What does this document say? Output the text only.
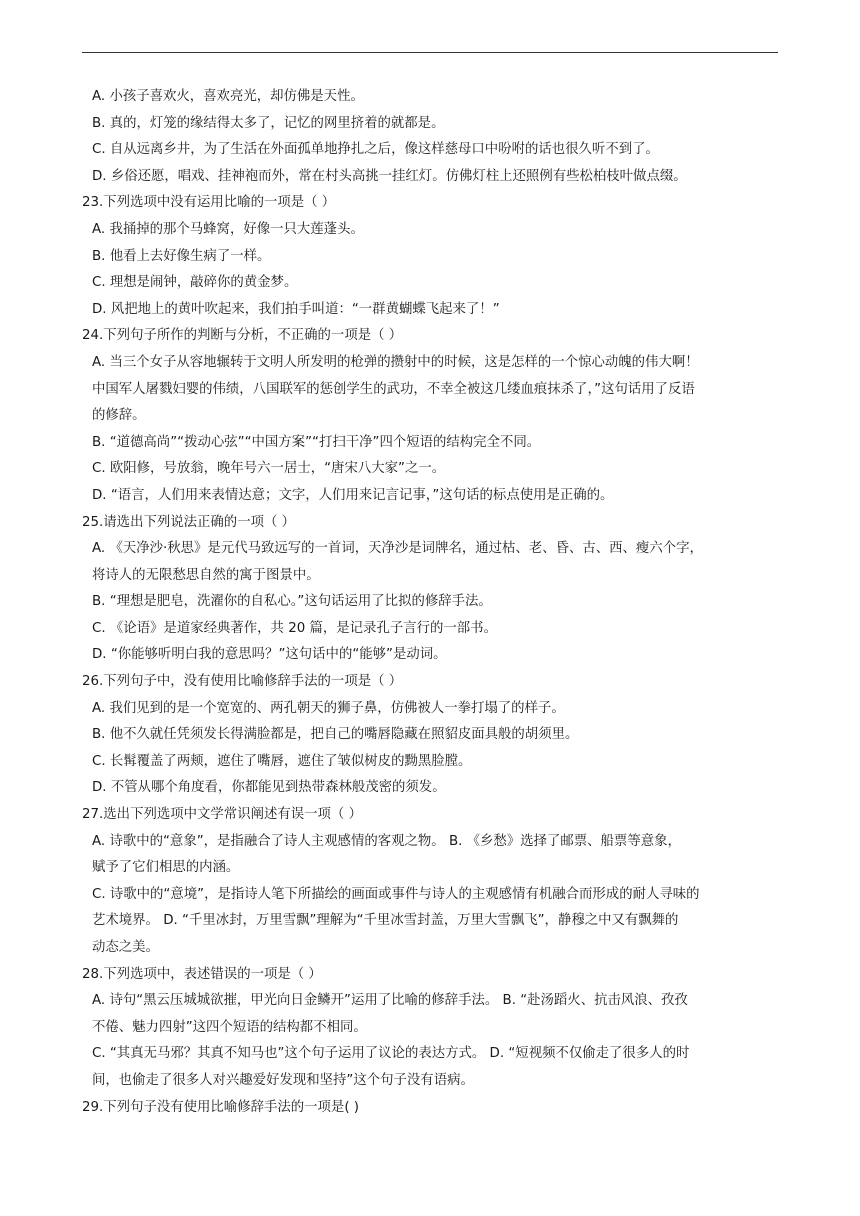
A. 小孩子喜欢火，喜欢亮光，却仿佛是天性。
B. 真的，灯笼的缘结得太多了，记忆的网里挤着的就都是。
C. 自从远离乡井，为了生活在外面孤单地挣扎之后，像这样慈母口中吩咐的话也很久听不到了。
D. 乡俗还愿，唱戏、挂神袍而外，常在村头高挑一挂红灯。仿佛灯柱上还照例有些松柏枝叶做点缀。
23.下列选项中没有运用比喻的一项是（ ）
A. 我捅掉的那个马蜂窝，好像一只大莲蓬头。
B. 他看上去好像生病了一样。
C. 理想是闹钟，敲碎你的黄金梦。
D. 风把地上的黄叶吹起来，我们拍手叫道：“一群黄蝴蝶飞起来了！”
24.下列句子所作的判断与分析，不正确的一项是（ ）
A. 当三个女子从容地辗转于文明人所发明的枪弹的攒射中的时候，这是怎样的一个惊心动魄的伟大啊！
中国军人屠戮妇婴的伟绩，八国联军的惩创学生的武功，不幸全被这几缕血痕抹杀了，”这句话用了反语
的修辞。
B. “道德高尚”“拨动心弦”“中国方案”“打扫干净”四个短语的结构完全不同。
C. 欧阳修，号放翁，晚年号六一居士，“唐宋八大家”之一。
D. “语言，人们用来表情达意；文字，人们用来记言记事，”这句话的标点使用是正确的。
25.请选出下列说法正确的一项（ ）
A. 《天净沙·秋思》是元代马致远写的一首词，天净沙是词牌名，通过枯、老、昏、古、西、瘦六个字，
将诗人的无限愁思自然的寓于图景中。
B. “理想是肥皂，洗濯你的自私心。”这句话运用了比拟的修辞手法。
C. 《论语》是道家经典著作，共 20 篇，是记录孔子言行的一部书。
D. “你能够听明白我的意思吗？”这句话中的“能够”是动词。
26.下列句子中，没有使用比喻修辞手法的一项是（ ）
A. 我们见到的是一个宽宽的、两孔朝天的狮子鼻，仿佛被人一拳打塌了的样子。
B. 他不久就任凭须发长得满脸都是，把自己的嘴唇隐藏在照貂皮面具般的胡须里。
C. 长髯覆盖了两颊，遮住了嘴唇，遮住了皱似树皮的黝黑脸膛。
D. 不管从哪个角度看，你都能见到热带森林般茂密的须发。
27.选出下列选项中文学常识阐述有误一项（ ）
A. 诗歌中的“意象”，是指融合了诗人主观感情的客观之物。 B. 《乡愁》选择了邮票、船票等意象，
赋予了它们相思的内涵。
C. 诗歌中的“意境”，是指诗人笔下所描绘的画面或事件与诗人的主观感情有机融合而形成的耐人寻味的
艺术境界。 D. “千里冰封，万里雪飘”理解为“千里冰雪封盖，万里大雪飘飞”，静穆之中又有飘舞的
动态之美。
28.下列选项中，表述错误的一项是（ ）
A. 诗句“黑云压城城欲摧，甲光向日金鳞开”运用了比喻的修辞手法。 B. “赴汤蹈火、抗击风浪、孜孜
不倦、魅力四射”这四个短语的结构都不相同。
C. “其真无马邪？其真不知马也”这个句子运用了议论的表达方式。 D. “短视频不仅偷走了很多人的时
间，也偷走了很多人对兴趣爱好发现和坚持”这个句子没有语病。
29.下列句子没有使用比喻修辞手法的一项是( )
